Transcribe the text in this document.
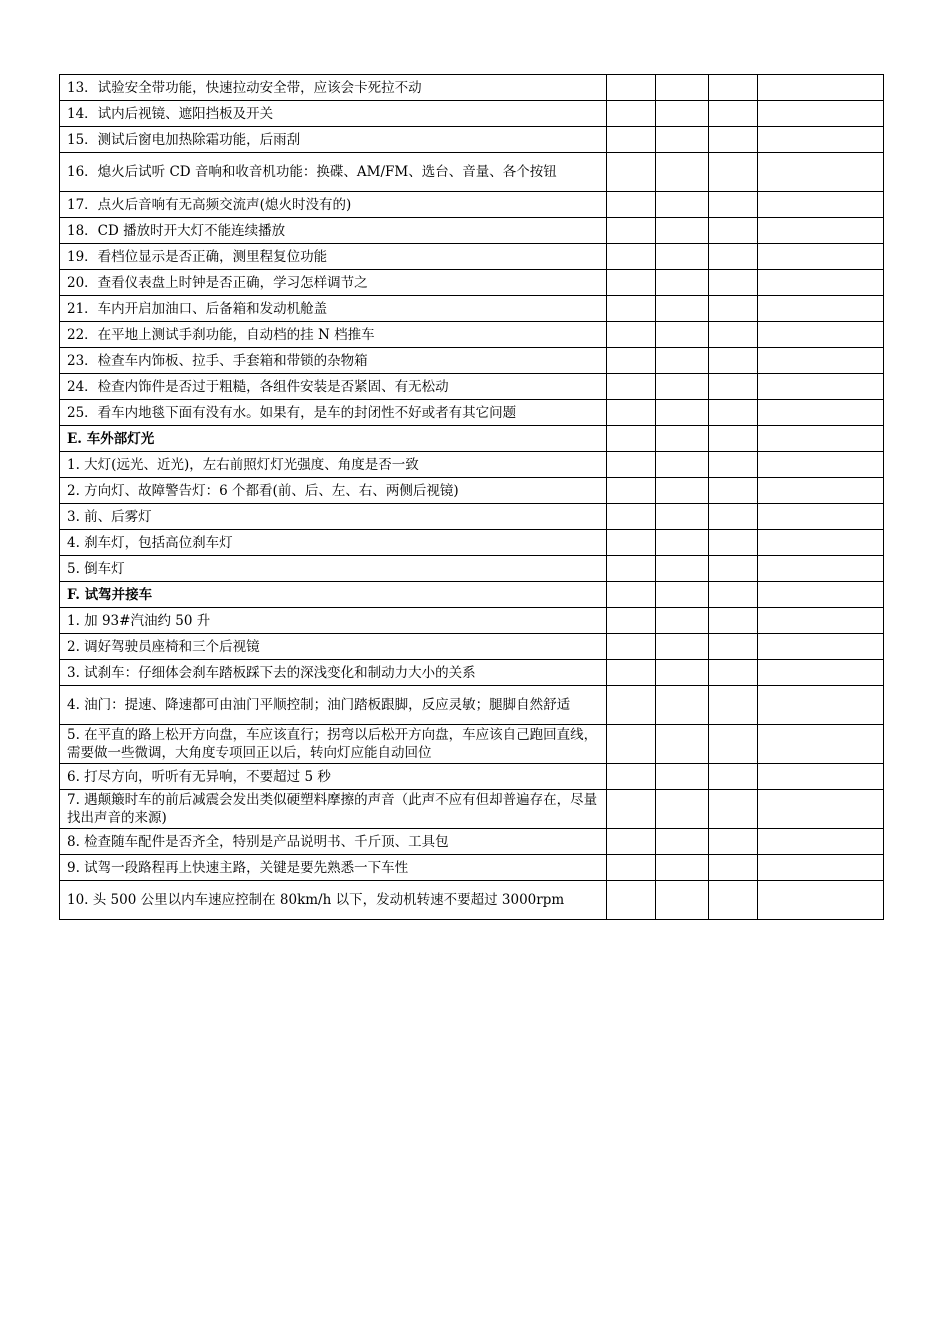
13．试验安全带功能，快速拉动安全带，应该会卡死拉不动				
14．试内后视镜、遮阳挡板及开关				
15．测试后窗电加热除霜功能，后雨刮				
16．熄火后试听 CD 音响和收音机功能：换碟、AM/FM、选台、音量、各个按钮				
17．点火后音响有无高频交流声(熄火时没有的)				
18．CD 播放时开大灯不能连续播放				
19．看档位显示是否正确，测里程复位功能				
20．查看仪表盘上时钟是否正确，学习怎样调节之				
21．车内开启加油口、后备箱和发动机舱盖				
22．在平地上测试手刹功能，自动档的挂 N 档推车				
23．检查车内饰板、拉手、手套箱和带锁的杂物箱				
24．检查内饰件是否过于粗糙，各组件安装是否紧固、有无松动				
25．看车内地毯下面有没有水。如果有，是车的封闭性不好或者有其它问题				
E. 车外部灯光				
1. 大灯(远光、近光)，左右前照灯灯光强度、角度是否一致				
2. 方向灯、故障警告灯：6 个都看(前、后、左、右、两侧后视镜)				
3. 前、后雾灯				
4. 刹车灯，包括高位刹车灯				
5. 倒车灯				
F. 试驾并接车				
1. 加 93#汽油约 50 升				
2. 调好驾驶员座椅和三个后视镜				
3. 试刹车：仔细体会刹车踏板踩下去的深浅变化和制动力大小的关系				
4. 油门：提速、降速都可由油门平顺控制；油门踏板跟脚，反应灵敏；腿脚自然舒适				
5. 在平直的路上松开方向盘，车应该直行；拐弯以后松开方向盘，车应该自己跑回直线，需要做一些微调，大角度专项回正以后，转向灯应能自动回位				
6. 打尽方向，听听有无异响，不要超过 5 秒				
7. 遇颠簸时车的前后减震会发出类似硬塑料摩擦的声音（此声不应有但却普遍存在，尽量找出声音的来源)				
8. 检查随车配件是否齐全，特别是产品说明书、千斤顶、工具包				
9. 试驾一段路程再上快速主路，关键是要先熟悉一下车性				
10. 头 500 公里以内车速应控制在 80km/h 以下，发动机转速不要超过 3000rpm				
